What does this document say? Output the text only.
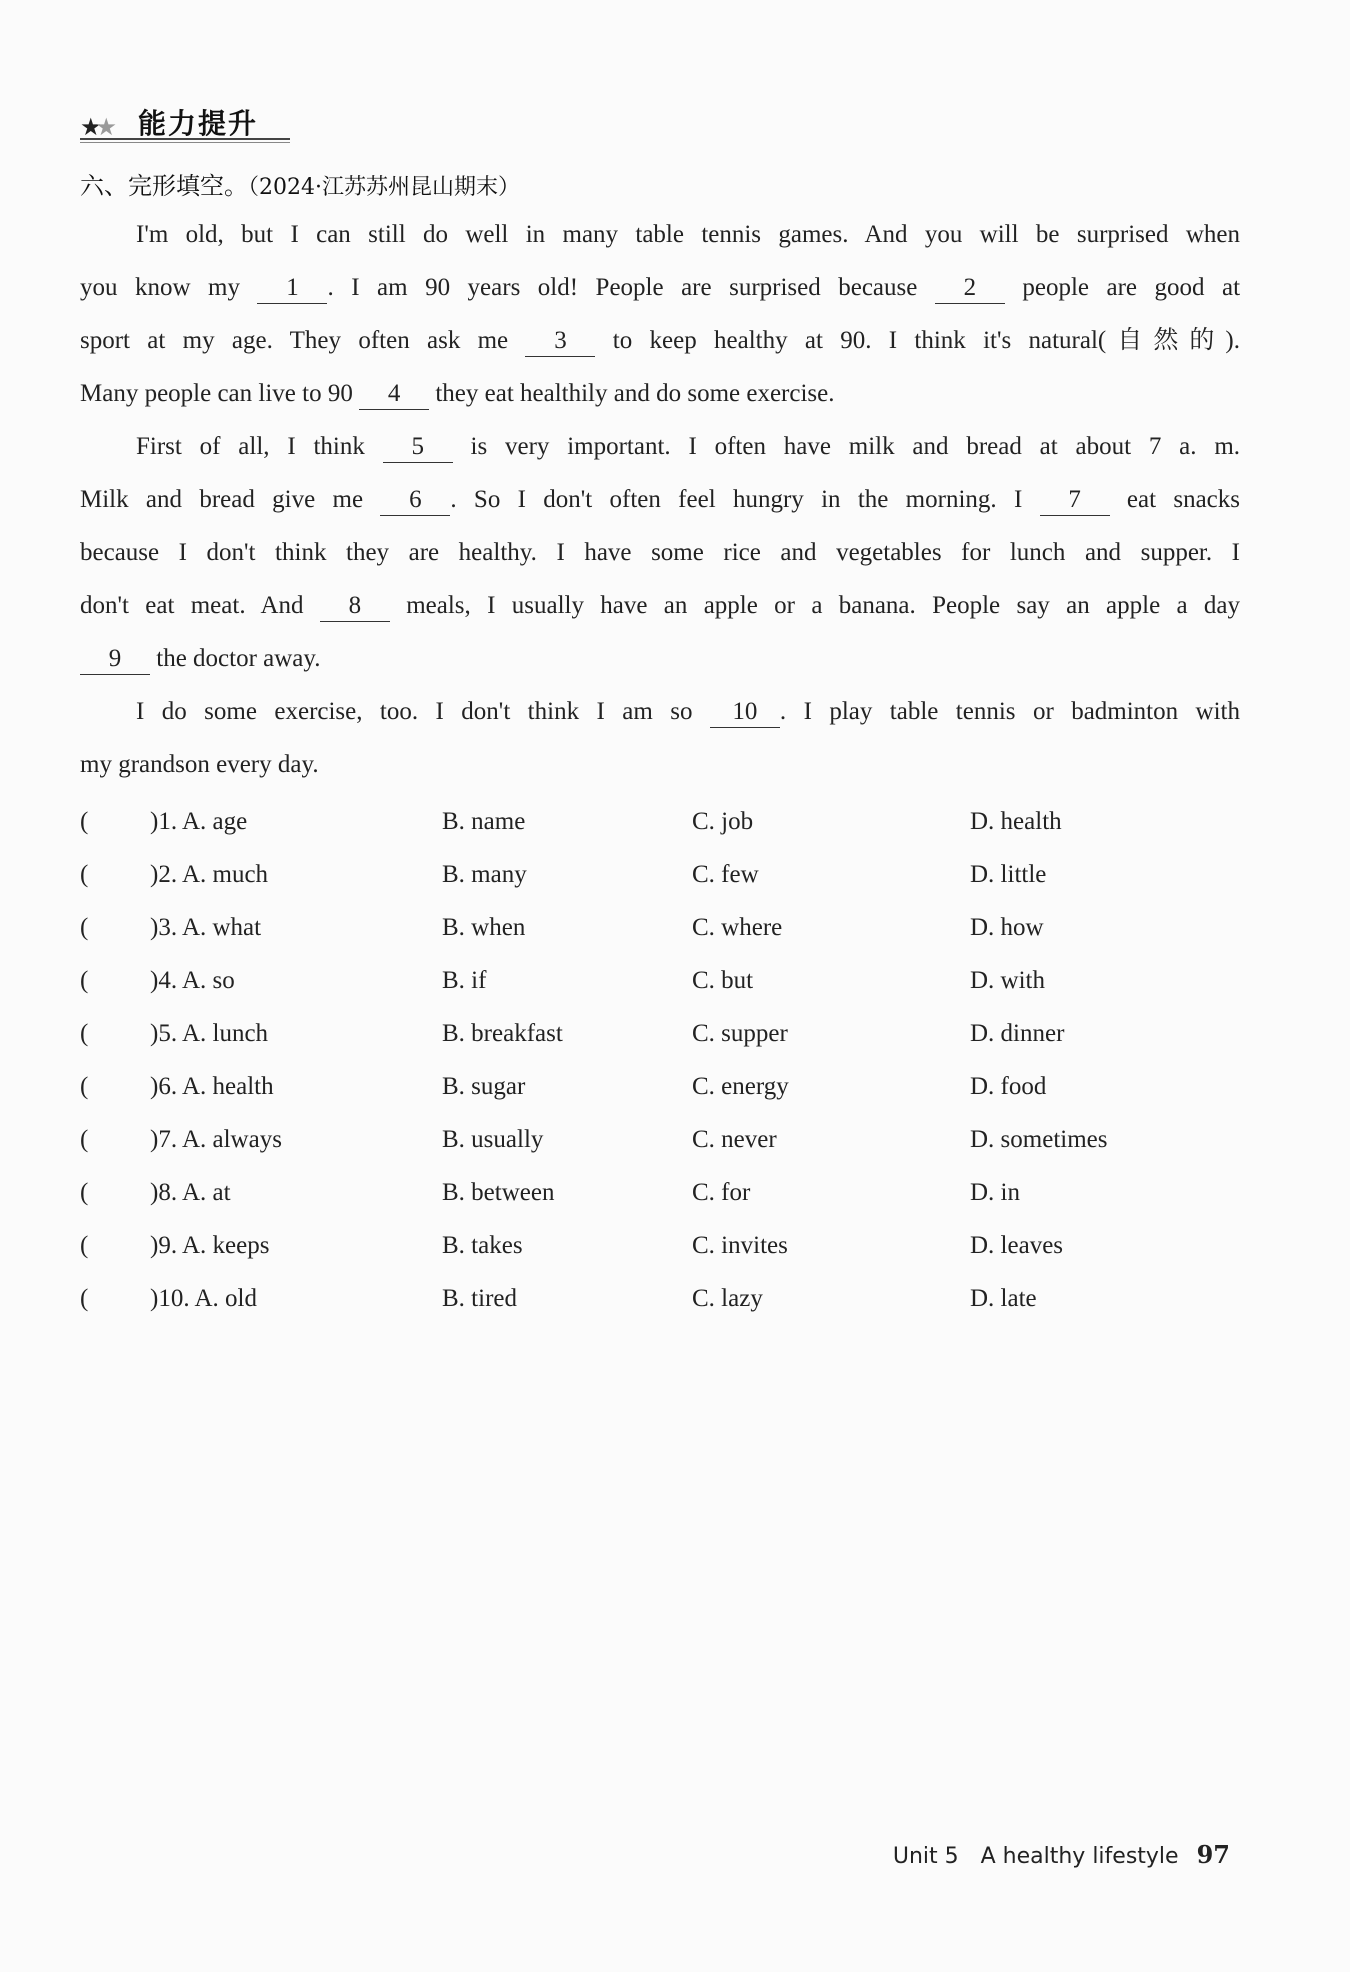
★★ 能力提升
六、完形填空。（2024·江苏苏州昆山期末）
I'm old, but I can still do well in many table tennis games. And you will be surprised when
you know my 1 . I am 90 years old! People are surprised because 2 people are good at
sport at my age. They often ask me 3 to keep healthy at 90. I think it's natural(自然的).
Many people can live to 90 4 they eat healthily and do some exercise.
First of all, I think 5 is very important. I often have milk and bread at about 7 a. m.
Milk and bread give me 6 . So I don't often feel hungry in the morning. I 7 eat snacks
because I don't think they are healthy. I have some rice and vegetables for lunch and supper. I
don't eat meat. And 8 meals, I usually have an apple or a banana. People say an apple a day
9 the doctor away.
I do some exercise, too. I don't think I am so 10 . I play table tennis or badminton with
my grandson every day.
( )1. A. age	B. name	C. job	D. health
( )2. A. much	B. many	C. few	D. little
( )3. A. what	B. when	C. where	D. how
( )4. A. so	B. if	C. but	D. with
( )5. A. lunch	B. breakfast	C. supper	D. dinner
( )6. A. health	B. sugar	C. energy	D. food
( )7. A. always	B. usually	C. never	D. sometimes
( )8. A. at	B. between	C. for	D. in
( )9. A. keeps	B. takes	C. invites	D. leaves
( )10. A. old	B. tired	C. lazy	D. late
Unit 5 A healthy lifestyle 97
